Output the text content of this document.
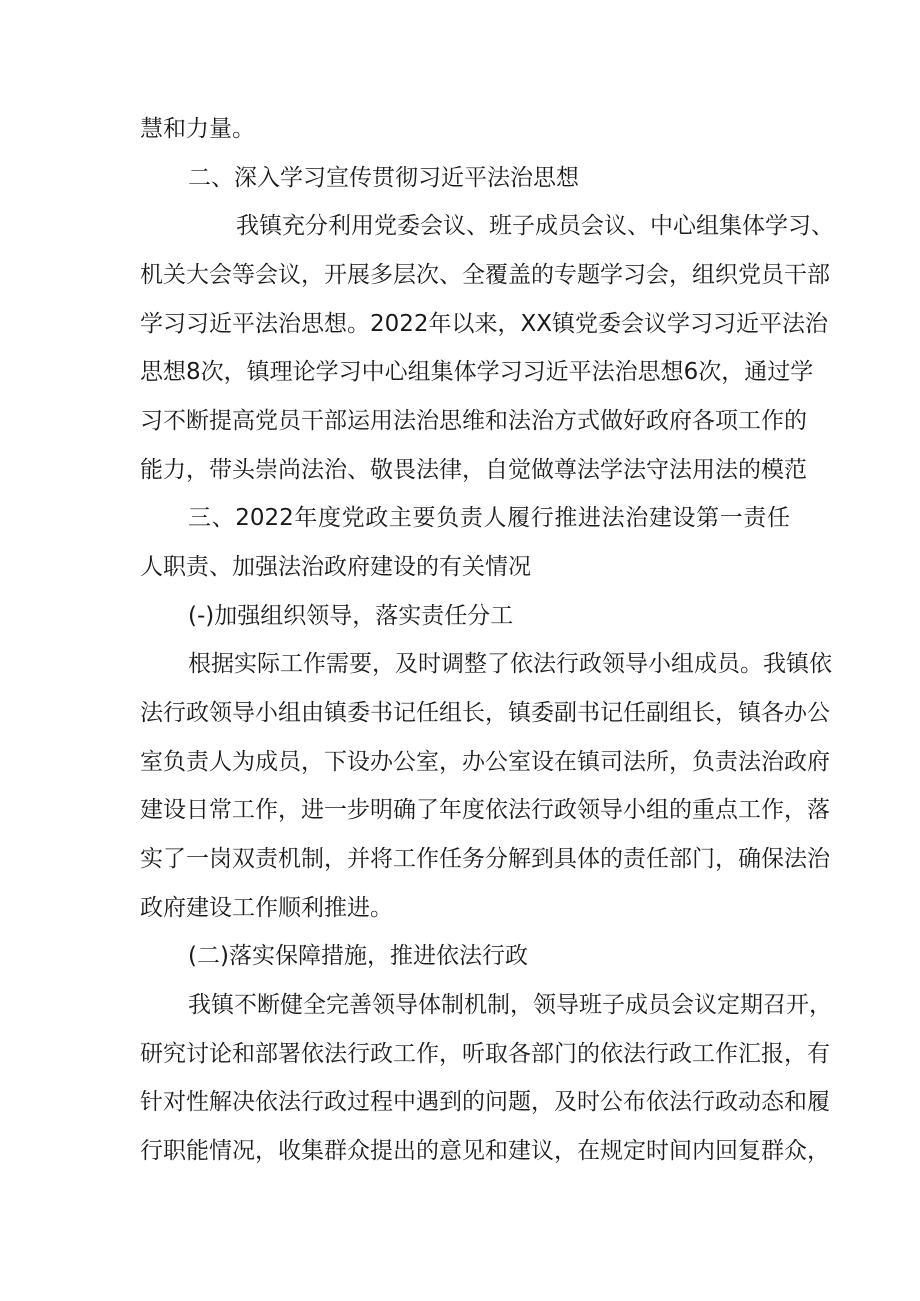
慧和力量。
二、深入学习宣传贯彻习近平法治思想
我镇充分利用党委会议、班子成员会议、中心组集体学习、
机关大会等会议，开展多层次、全覆盖的专题学习会，组织党员干部
学习习近平法治思想。2022年以来，XX镇党委会议学习习近平法治
思想8次，镇理论学习中心组集体学习习近平法治思想6次，通过学
习不断提高党员干部运用法治思维和法治方式做好政府各项工作的
能力，带头崇尚法治、敬畏法律，自觉做尊法学法守法用法的模范
三、2022年度党政主要负责人履行推进法治建设第一责任
人职责、加强法治政府建设的有关情况
(-)加强组织领导，落实责任分工
根据实际工作需要，及时调整了依法行政领导小组成员。我镇依
法行政领导小组由镇委书记任组长，镇委副书记任副组长，镇各办公
室负责人为成员，下设办公室，办公室设在镇司法所，负责法治政府
建设日常工作，进一步明确了年度依法行政领导小组的重点工作，落
实了一岗双责机制，并将工作任务分解到具体的责任部门，确保法治
政府建设工作顺利推进。
(二)落实保障措施，推进依法行政
我镇不断健全完善领导体制机制，领导班子成员会议定期召开，
研究讨论和部署依法行政工作，听取各部门的依法行政工作汇报，有
针对性解决依法行政过程中遇到的问题，及时公布依法行政动态和履
行职能情况，收集群众提出的意见和建议，在规定时间内回复群众，
